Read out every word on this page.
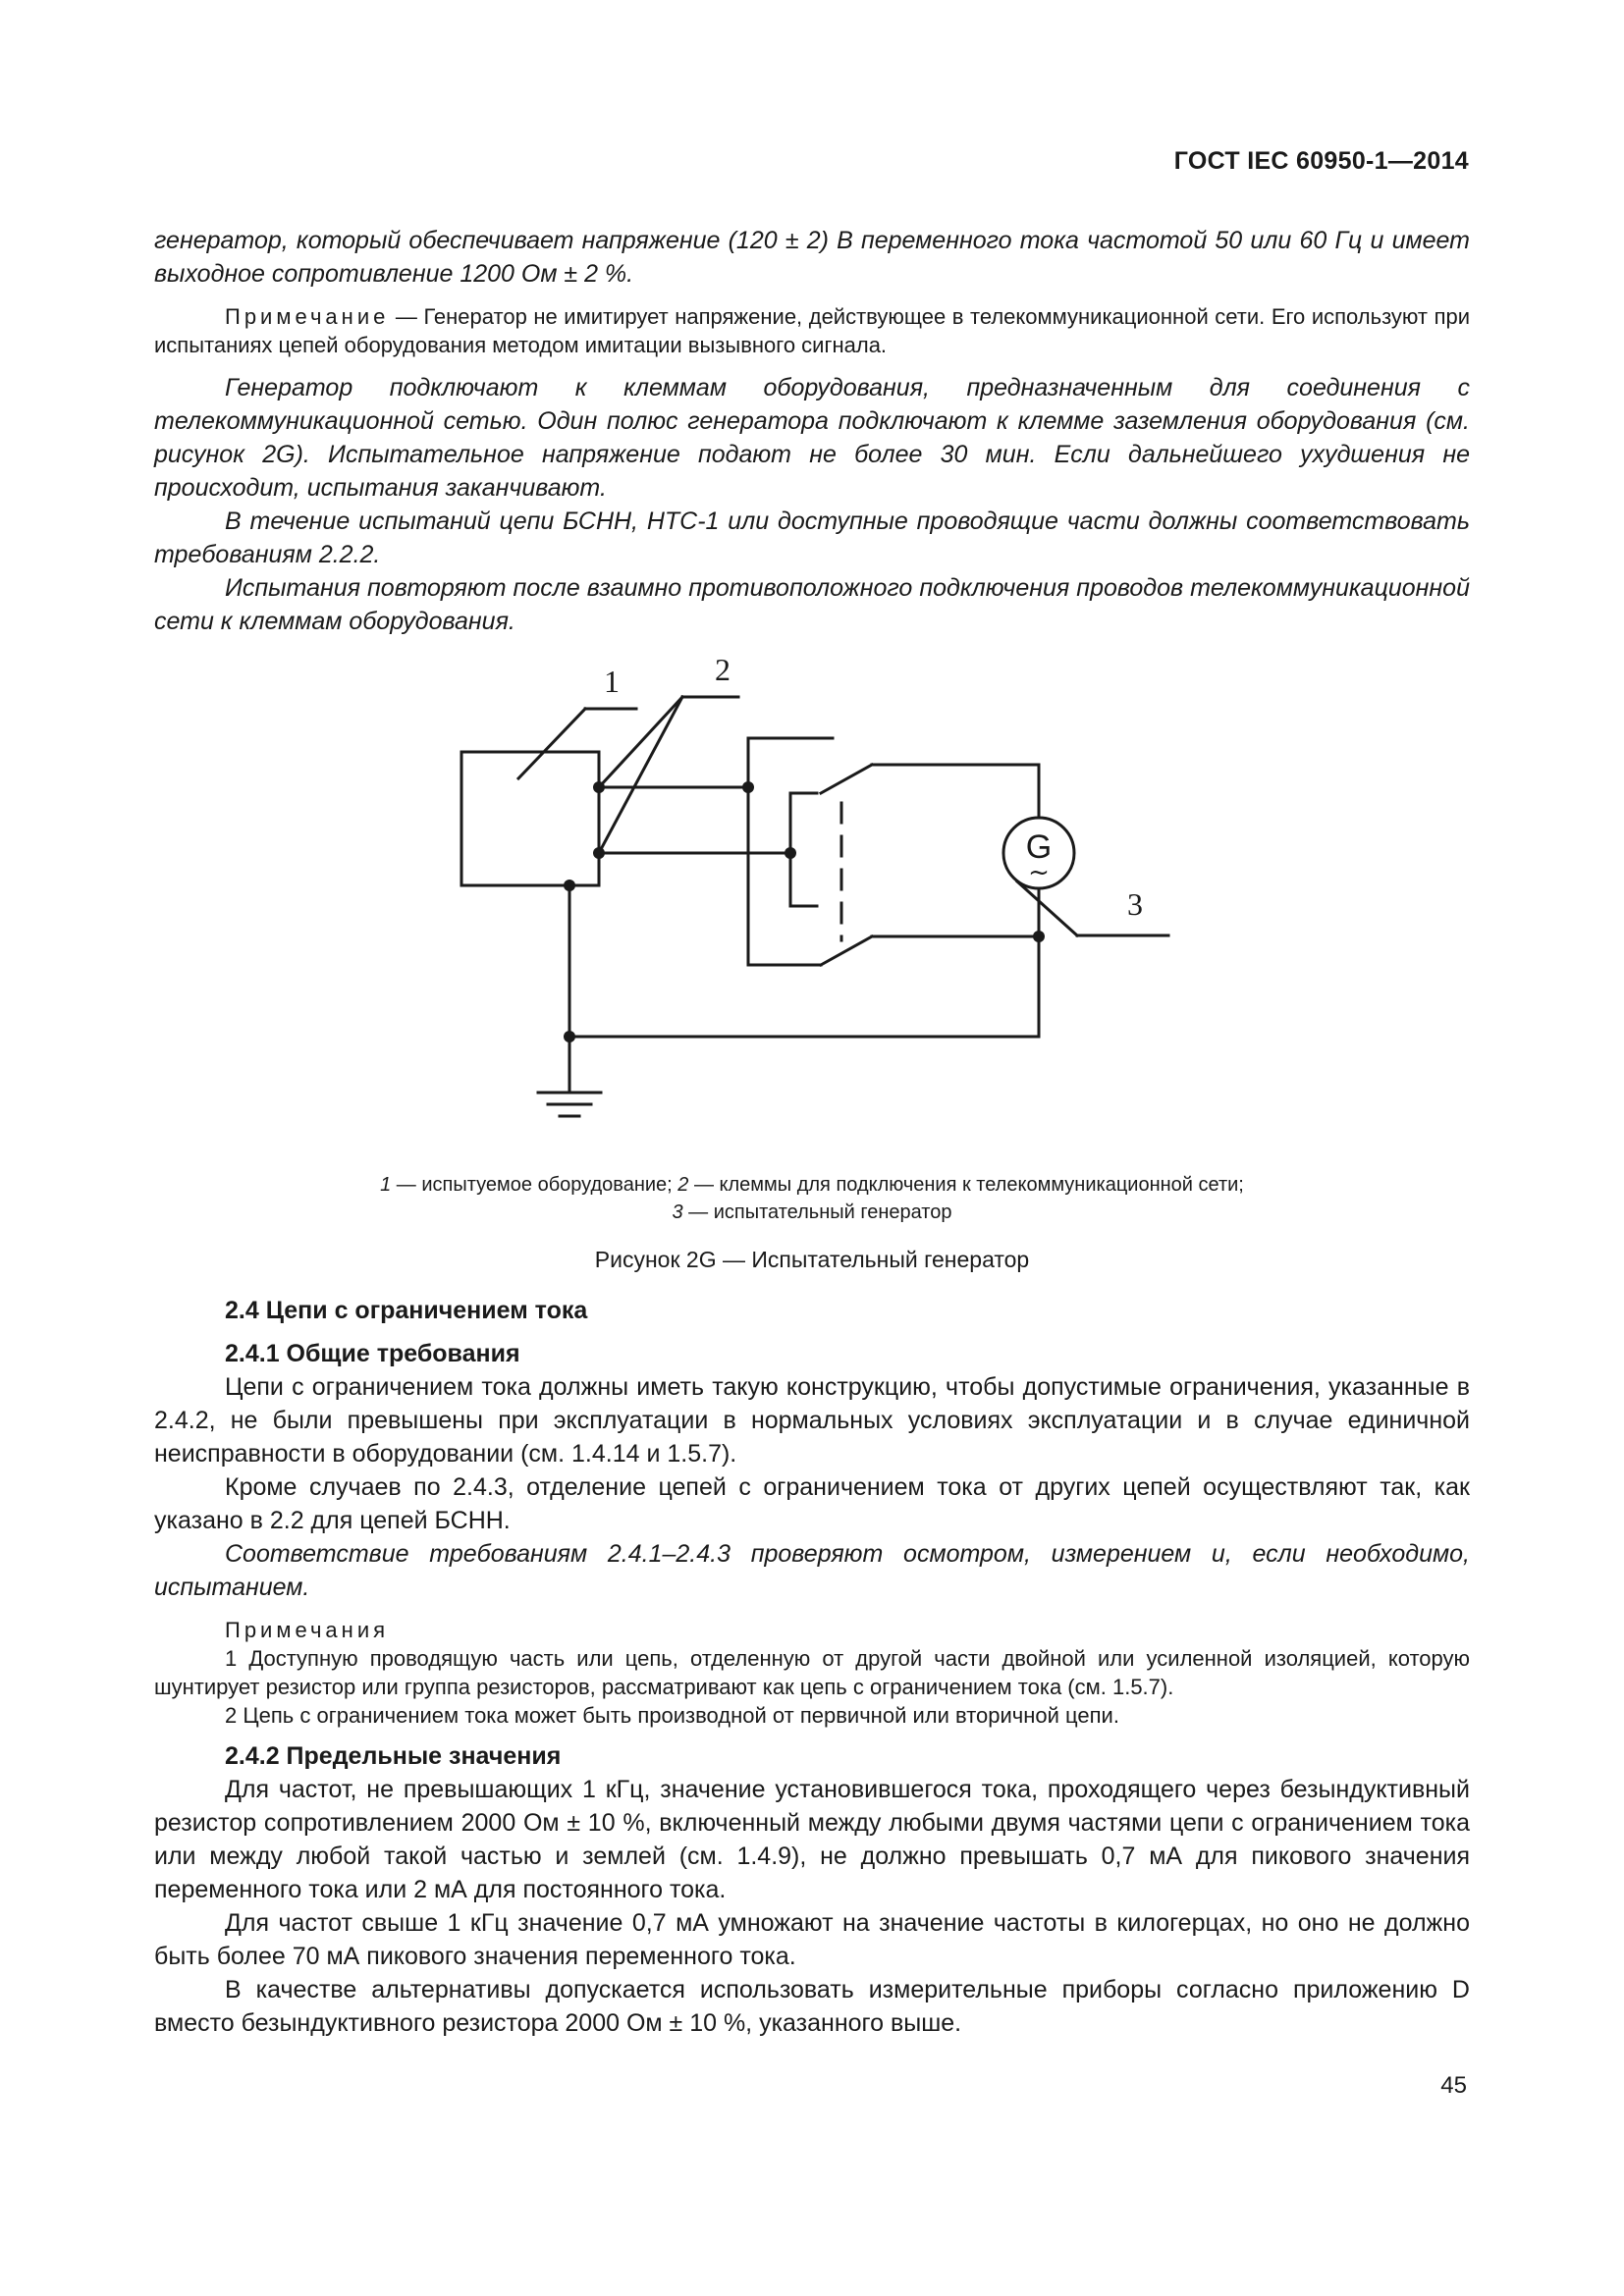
ГОСТ IEC 60950-1—2014

генератор, который обеспечивает напряжение (120 ± 2) В переменного тока частотой 50 или 60 Гц и имеет выходное сопротивление 1200 Ом ± 2 %.

Примечание — Генератор не имитирует напряжение, действующее в телекоммуникационной сети. Его используют при испытаниях цепей оборудования методом имитации вызывного сигнала.

Генератор подключают к клеммам оборудования, предназначенным для соединения с телекоммуникационной сетью. Один полюс генератора подключают к клемме заземления оборудования (см. рисунок 2G). Испытательное напряжение подают не более 30 мин. Если дальнейшего ухудшения не происходит, испытания заканчивают.

В течение испытаний цепи БСНН, НТС-1 или доступные проводящие части должны соответствовать требованиям 2.2.2.

Испытания повторяют после взаимно противоположного подключения проводов телекоммуникационной сети к клеммам оборудования.

G
~
1	2
3

1 — испытуемое оборудование; 2 — клеммы для подключения к телекоммуникационной сети;

3 — испытательный генератор

Рисунок 2G — Испытательный генератор

2.4 Цепи с ограничением тока

2.4.1 Общие требования

Цепи с ограничением тока должны иметь такую конструкцию, чтобы допустимые ограничения, указанные в 2.4.2, не были превышены при эксплуатации в нормальных условиях эксплуатации и в случае единичной неисправности в оборудовании (см. 1.4.14 и 1.5.7).

Кроме случаев по 2.4.3, отделение цепей с ограничением тока от других цепей осуществляют так, как указано в 2.2 для цепей БСНН.

Соответствие требованиям 2.4.1–2.4.3 проверяют осмотром, измерением и, если необходимо, испытанием.

Примечания

1 Доступную проводящую часть или цепь, отделенную от другой части двойной или усиленной изоляцией, которую шунтирует резистор или группа резисторов, рассматривают как цепь с ограничением тока (см. 1.5.7).

2 Цепь с ограничением тока может быть производной от первичной или вторичной цепи.

2.4.2 Предельные значения

Для частот, не превышающих 1 кГц, значение установившегося тока, проходящего через безындуктивный резистор сопротивлением 2000 Ом ± 10 %, включенный между любыми двумя частями цепи с ограничением тока или между любой такой частью и землей (см. 1.4.9), не должно превышать 0,7 мА для пикового значения переменного тока или 2 мА для постоянного тока.

Для частот свыше 1 кГц значение 0,7 мА умножают на значение частоты в килогерцах, но оно не должно быть более 70 мА пикового значения переменного тока.

В качестве альтернативы допускается использовать измерительные приборы согласно приложению D вместо безындуктивного резистора 2000 Ом ± 10 %, указанного выше.

45
